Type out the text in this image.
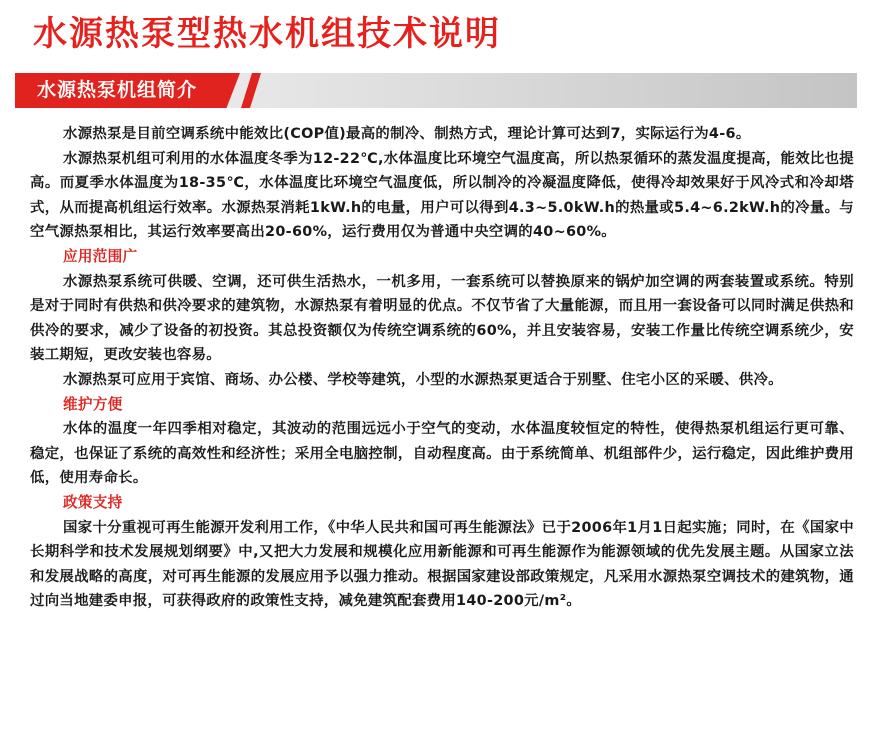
水源热泵型热水机组技术说明
水源热泵机组简介

水源热泵是目前空调系统中能效比(COP值)最高的制冷、制热方式，理论计算可达到7，实际运行为4-6。

水源热泵机组可利用的水体温度冬季为12-22℃,水体温度比环境空气温度高，所以热泵循环的蒸发温度提高，能效比也提高。而夏季水体温度为18-35℃，水体温度比环境空气温度低，所以制冷的冷凝温度降低，使得冷却效果好于风冷式和冷却塔式，从而提高机组运行效率。水源热泵消耗1kW.h的电量，用户可以得到4.3~5.0kW.h的热量或5.4~6.2kW.h的冷量。与空气源热泵相比，其运行效率要高出20-60%，运行费用仅为普通中央空调的40~60%。

应用范围广

水源热泵系统可供暖、空调，还可供生活热水，一机多用，一套系统可以替换原来的锅炉加空调的两套装置或系统。特别是对于同时有供热和供冷要求的建筑物，水源热泵有着明显的优点。不仅节省了大量能源，而且用一套设备可以同时满足供热和供冷的要求，减少了设备的初投资。其总投资额仅为传统空调系统的60%，并且安装容易，安装工作量比传统空调系统少，安装工期短，更改安装也容易。

水源热泵可应用于宾馆、商场、办公楼、学校等建筑，小型的水源热泵更适合于别墅、住宅小区的采暖、供冷。

维护方便

水体的温度一年四季相对稳定，其波动的范围远远小于空气的变动，水体温度较恒定的特性，使得热泵机组运行更可靠、稳定，也保证了系统的高效性和经济性；采用全电脑控制，自动程度高。由于系统简单、机组部件少，运行稳定，因此维护费用低，使用寿命长。

政策支持

国家十分重视可再生能源开发利用工作，《中华人民共和国可再生能源法》已于2006年1月1日起实施；同时，在《国家中长期科学和技术发展规划纲要》中,又把大力发展和规模化应用新能源和可再生能源作为能源领域的优先发展主题。从国家立法和发展战略的高度，对可再生能源的发展应用予以强力推动。根据国家建设部政策规定，凡采用水源热泵空调技术的建筑物，通过向当地建委申报，可获得政府的政策性支持，减免建筑配套费用140-200元/m²。
